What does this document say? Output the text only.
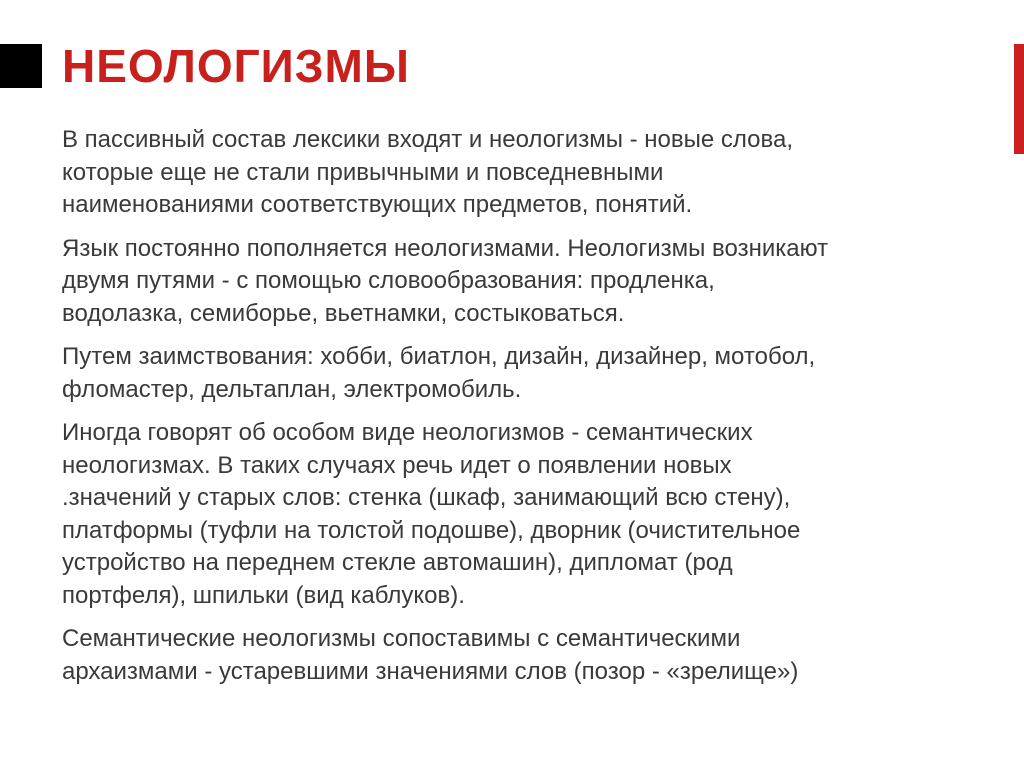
НЕОЛОГИЗМЫ

В пассивный состав лексики входят и неологизмы - новые слова,
которые еще не стали привычными и повседневными
наименованиями соответствующих предметов, понятий.

Язык постоянно пополняется неологизмами. Неологизмы возникают
двумя путями - с помощью словообразования: продленка,
водолазка, семиборье, вьетнамки, состыковаться.

Путем заимствования: хобби, биатлон, дизайн, дизайнер, мотобол,
фломастер, дельтаплан, электромобиль.

Иногда говорят об особом виде неологизмов - семантических
неологизмах. В таких случаях речь идет о появлении новых
.значений у старых слов: стенка (шкаф, занимающий всю стену),
платформы (туфли на толстой подошве), дворник (очистительное
устройство на переднем стекле автомашин), дипломат (род
портфеля), шпильки (вид каблуков).

Семантические неологизмы сопоставимы с семантическими
архаизмами - устаревшими значениями слов (позор - «зрелище»)
